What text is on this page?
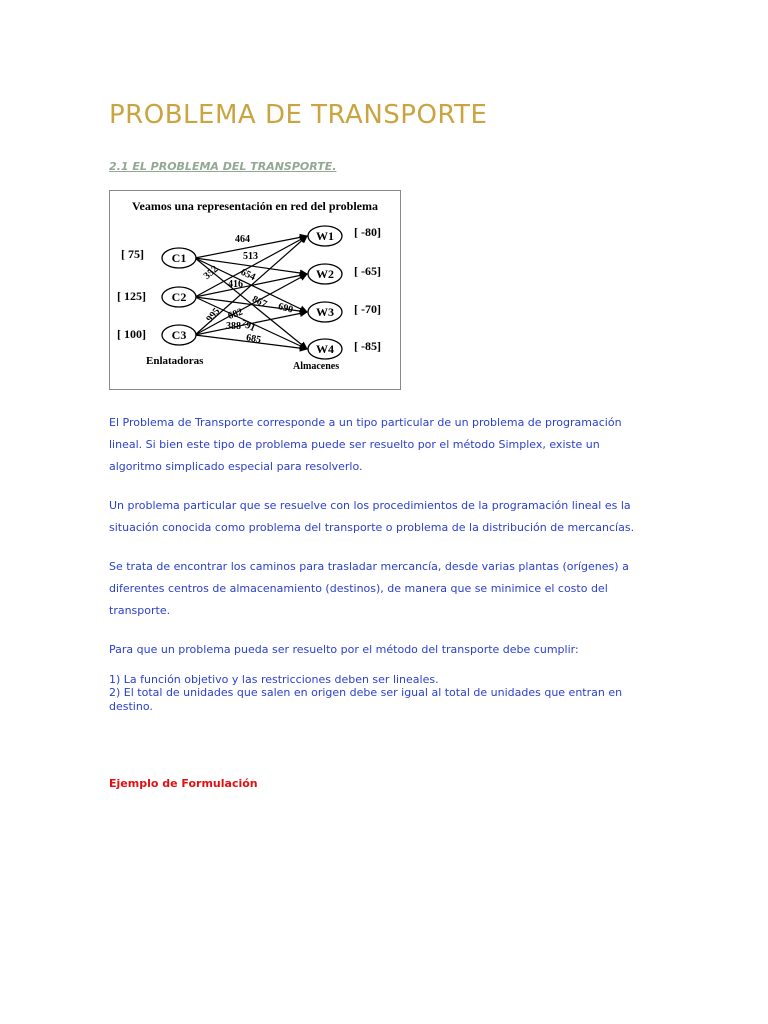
PROBLEMA DE TRANSPORTE
2.1 EL PROBLEMA DEL TRANSPORTE.
Veamos una representación en red del problema
C1
C2
C3
W1
W2
W3
W4
464
513
352 654
416
867 690
995 682
791
388
685
[ 75]
[ 125]
[ 100]
[ -80]
[ -65]
[ -70]
[ -85]
Enlatadoras	Almacenes
El Problema de Transporte corresponde a un tipo particular de un problema de programación lineal. Si bien este tipo de problema puede ser resuelto por el método Simplex, existe un algoritmo simplicado especial para resolverlo.
Un problema particular que se resuelve con los procedimientos de la programación lineal es la situación conocida como problema del transporte o problema de la distribución de mercancías.
Se trata de encontrar los caminos para trasladar mercancía, desde varias plantas (orígenes) a diferentes centros de almacenamiento (destinos), de manera que se minimice el costo del transporte.
Para que un problema pueda ser resuelto por el método del transporte debe cumplir:
1) La función objetivo y las restricciones deben ser lineales.
2) El total de unidades que salen en origen debe ser igual al total de unidades que entran en destino.
Ejemplo de Formulación
